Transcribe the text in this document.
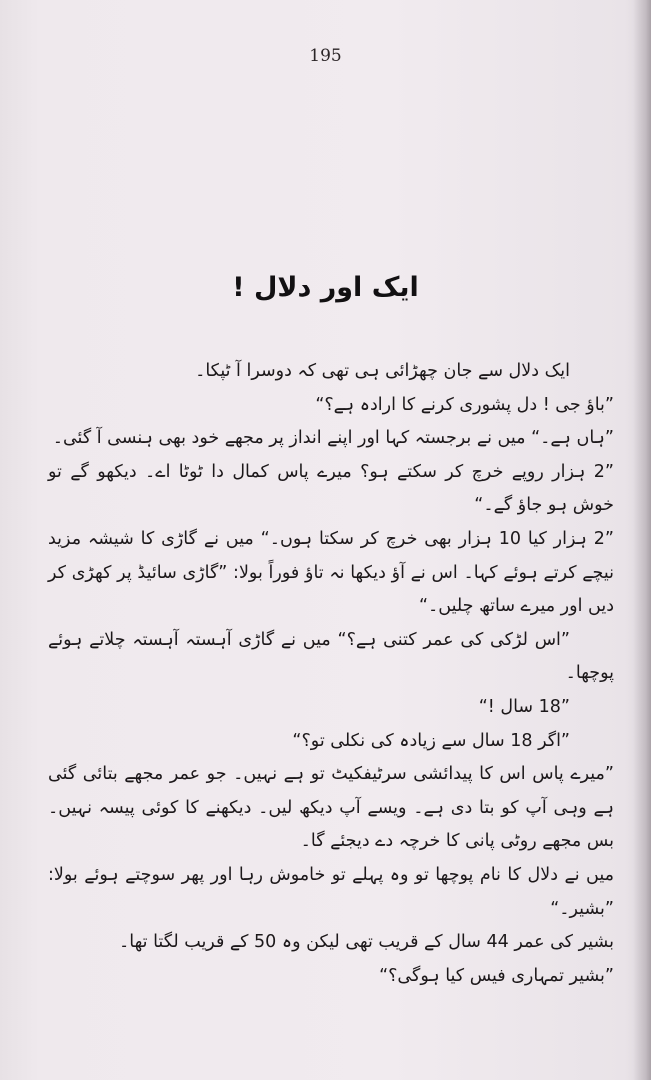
195
ایک اور دلال !

ایک دلال سے جان چھڑائی ہی تھی کہ دوسرا آ ٹپکا۔

”باؤ جی ! دل پشوری کرنے کا ارادہ ہے؟“

”ہاں ہے۔“ میں نے برجستہ کہا اور اپنے انداز پر مجھے خود بھی ہنسی آ گئی۔

”2 ہزار روپے خرچ کر سکتے ہو؟ میرے پاس کمال دا ٹوٹا اے۔ دیکھو گے تو خوش ہو جاؤ گے۔“

”2 ہزار کیا 10 ہزار بھی خرچ کر سکتا ہوں۔“ میں نے گاڑی کا شیشہ مزید نیچے کرتے ہوئے کہا۔ اس نے آؤ دیکھا نہ تاؤ فوراً بولا: ”گاڑی سائیڈ پر کھڑی کر دیں اور میرے ساتھ چلیں۔“

”اس لڑکی کی عمر کتنی ہے؟“ میں نے گاڑی آہستہ آہستہ چلاتے ہوئے پوچھا۔

”18 سال !“

”اگر 18 سال سے زیادہ کی نکلی تو؟“

”میرے پاس اس کا پیدائشی سرٹیفکیٹ تو ہے نہیں۔ جو عمر مجھے بتائی گئی ہے وہی آپ کو بتا دی ہے۔ ویسے آپ دیکھ لیں۔ دیکھنے کا کوئی پیسہ نہیں۔ بس مجھے روٹی پانی کا خرچہ دے دیجئے گا۔

میں نے دلال کا نام پوچھا تو وہ پہلے تو خاموش رہا اور پھر سوچتے ہوئے بولا: ”بشیر۔“

بشیر کی عمر 44 سال کے قریب تھی لیکن وہ 50 کے قریب لگتا تھا۔

”بشیر تمہاری فیس کیا ہوگی؟“
